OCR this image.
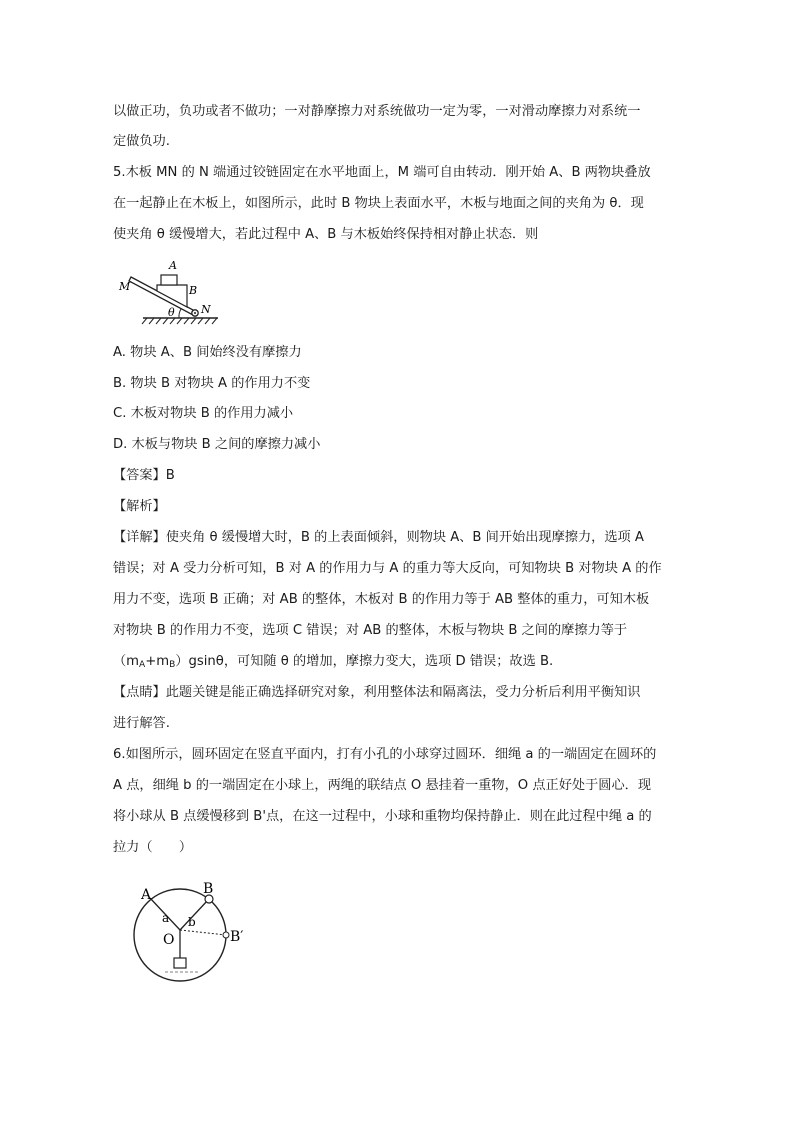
以做正功，负功或者不做功；一对静摩擦力对系统做功一定为零，一对滑动摩擦力对系统一
定做负功.
5.木板 MN 的 N 端通过铰链固定在水平地面上，M 端可自由转动．刚开始 A、B 两物块叠放
在一起静止在木板上，如图所示，此时 B 物块上表面水平，木板与地面之间的夹角为 θ．现
使夹角 θ 缓慢增大，若此过程中 A、B 与木板始终保持相对静止状态．则
A
B
M
N
θ
A. 物块 A、B 间始终没有摩擦力
B. 物块 B 对物块 A 的作用力不变
C. 木板对物块 B 的作用力减小
D. 木板与物块 B 之间的摩擦力减小
【答案】B
【解析】
【详解】使夹角 θ 缓慢增大时，B 的上表面倾斜，则物块 A、B 间开始出现摩擦力，选项 A
错误；对 A 受力分析可知，B 对 A 的作用力与 A 的重力等大反向，可知物块 B 对物块 A 的作
用力不变，选项 B 正确；对 AB 的整体，木板对 B 的作用力等于 AB 整体的重力，可知木板
对物块 B 的作用力不变，选项 C 错误；对 AB 的整体，木板与物块 B 之间的摩擦力等于
$(m_A+m_B)gsin\theta$，可知随 θ 的增加，摩擦力变大，选项 D 错误；故选 B.
【点睛】此题关键是能正确选择研究对象，利用整体法和隔离法，受力分析后利用平衡知识
进行解答.
6.如图所示，圆环固定在竖直平面内，打有小孔的小球穿过圆环．细绳 a 的一端固定在圆环的
A 点，细绳 b 的一端固定在小球上，两绳的联结点 O 悬挂着一重物，O 点正好处于圆心．现
将小球从 B 点缓慢移到 B'点，在这一过程中，小球和重物均保持静止．则在此过程中绳 a 的
拉力（　　）
A	B
O	B′
a b
